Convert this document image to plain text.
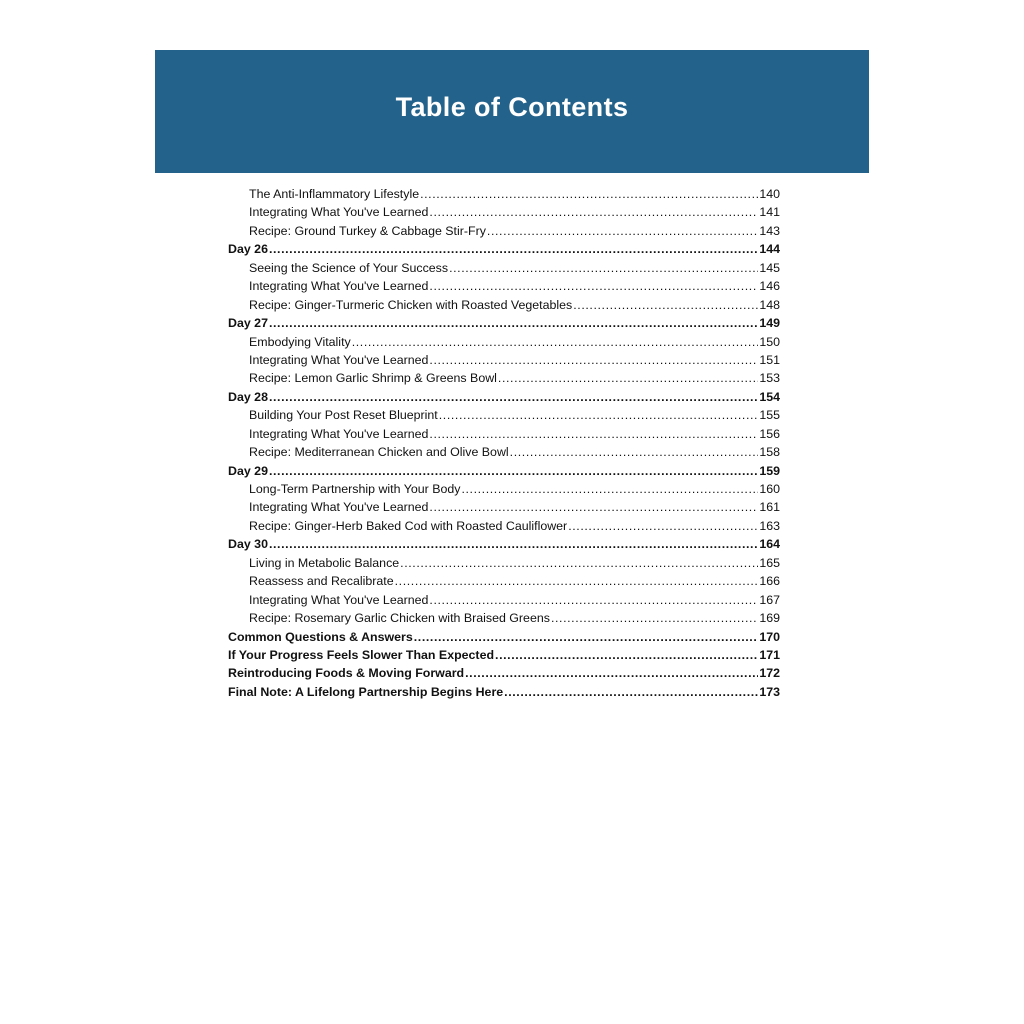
Table of Contents
The Anti-Inflammatory Lifestyle .....	140
Integrating What You've Learned .....	141
Recipe: Ground Turkey & Cabbage Stir-Fry .....	143
Day 26 .....	144
Seeing the Science of Your Success .....	145
Integrating What You've Learned .....	146
Recipe: Ginger-Turmeric Chicken with Roasted Vegetables .....	148
Day 27 .....	149
Embodying Vitality .....	150
Integrating What You've Learned .....	151
Recipe: Lemon Garlic Shrimp & Greens Bowl .....	153
Day 28 .....	154
Building Your Post Reset Blueprint .....	155
Integrating What You've Learned .....	156
Recipe: Mediterranean Chicken and Olive Bowl .....	158
Day 29 .....	159
Long-Term Partnership with Your Body .....	160
Integrating What You've Learned .....	161
Recipe: Ginger-Herb Baked Cod with Roasted Cauliflower .....	163
Day 30 .....	164
Living in Metabolic Balance .....	165
Reassess and Recalibrate .....	166
Integrating What You've Learned .....	167
Recipe: Rosemary Garlic Chicken with Braised Greens .....	169
Common Questions & Answers .....	170
If Your Progress Feels Slower Than Expected .....	171
Reintroducing Foods & Moving Forward .....	172
Final Note: A Lifelong Partnership Begins Here .....	173
